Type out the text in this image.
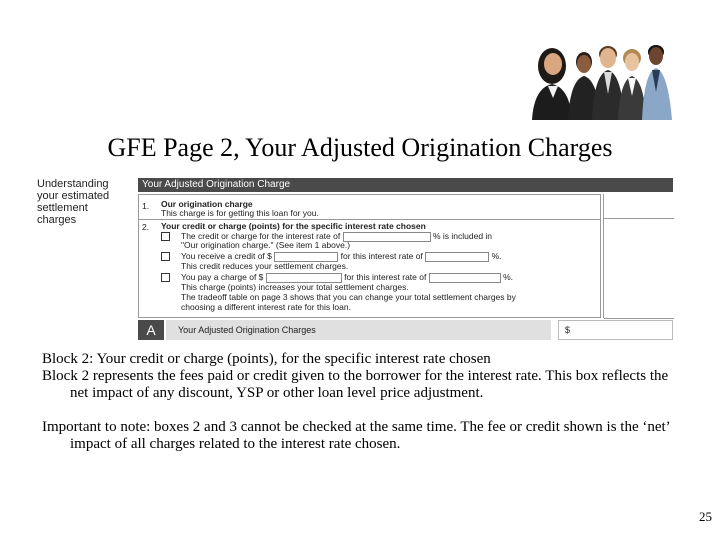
GFE Page 2, Your Adjusted Origination Charges
Understanding
your estimated
settlement
charges
Your Adjusted Origination Charge
1. Our origination charge
This charge is for getting this loan for you.
2. Your credit or charge (points) for the specific interest rate chosen
The credit or charge for the interest rate of	% is included in
"Our origination charge." (See item 1 above.)
You receive a credit of $	for this interest rate of	%.
This credit reduces your settlement charges.
You pay a charge of $	for this interest rate of	%.
This charge (points) increases your total settlement charges.
The tradeoff table on page 3 shows that you can change your total settlement charges by
choosing a different interest rate for this loan.
A	Your Adjusted Origination Charges	$

Block 2: Your credit or charge (points), for the specific interest rate chosen

Block 2 represents the fees paid or credit given to the borrower for the interest rate. This box reflects the net impact of any discount, YSP or other loan level price adjustment.

Important to note: boxes 2 and 3 cannot be checked at the same time. The fee or credit shown is the ‘net’ impact of all charges related to the interest rate chosen.

25
